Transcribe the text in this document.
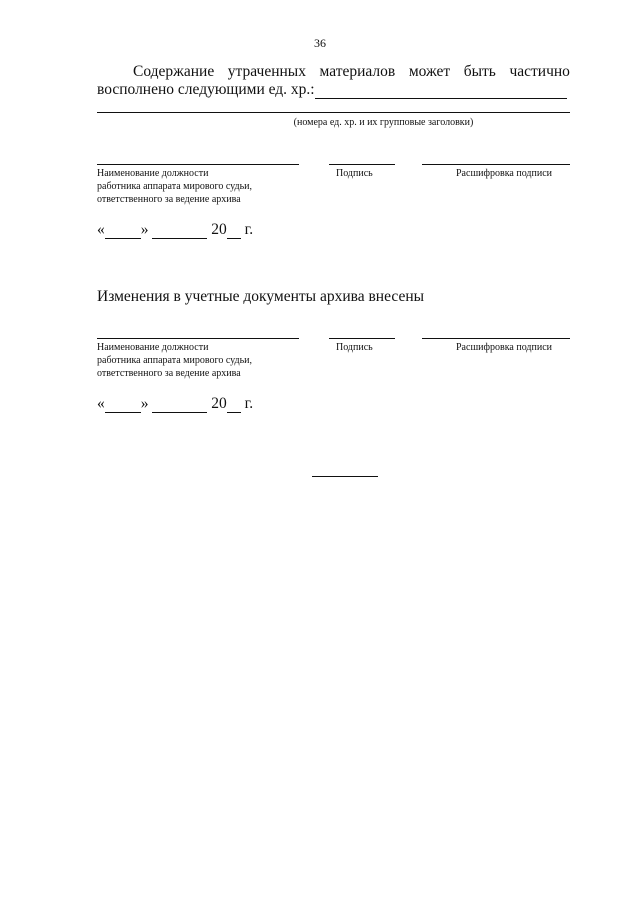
36
Содержание утраченных материалов может быть частично
восполнено следующими ед. хр.:
(номера ед. хр. и их групповые заголовки)
Наименование должности
работника аппарата мирового судьи,
ответственного за ведение архива
Подпись	Расшифровка подписи
« »

	20
г.
Изменения в учетные документы архива внесены
Наименование должности
работника аппарата мирового судьи,
ответственного за ведение архива
Подпись	Расшифровка подписи
« »

	20
г.
